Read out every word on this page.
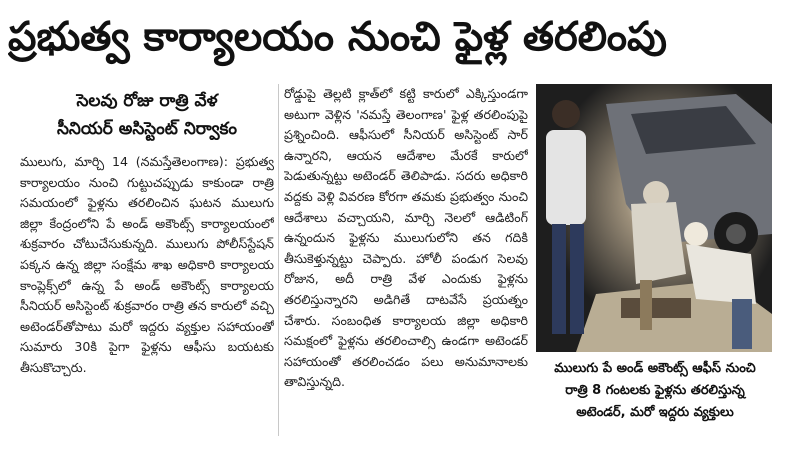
ప్రభుత్వ కార్యాలయం నుంచి ఫైళ్ల తరలింపు
సెలవు రోజు రాత్రి వేళ
సీనియర్ అసిస్టెంట్ నిర్వాకం
ములుగు, మార్చి 14 (నమస్తేతెలంగాణ): ప్రభుత్వ కార్యాలయం నుంచి గుట్టుచప్పుడు కాకుండా రాత్రి సమయంలో ఫైళ్లను తరలించిన ఘటన ములుగు జిల్లా కేంద్రంలోని పే అండ్ అకౌంట్స్ కార్యాలయంలో శుక్రవారం చోటుచేసుకున్నది. ములుగు పోలీస్‌స్టేషన్ పక్కన ఉన్న జిల్లా సంక్షేమ శాఖ అధికారి కార్యాలయ కాంప్లెక్స్‌లో ఉన్న పే అండ్ అకౌంట్స్ కార్యాలయ సీనియర్ అసిస్టెంట్ శుక్రవారం రాత్రి తన కారులో వచ్చి అటెండర్‌తోపాటు మరో ఇద్దరు వ్యక్తుల సహాయంతో సుమారు 30కి పైగా ఫైళ్లను ఆఫీసు బయటకు తీసుకొచ్చారు.
రోడ్డుపై తెల్లటి క్లాత్‌లో కట్టి కారులో ఎక్కిస్తుండగా అటుగా వెళ్లిన 'నమస్తే తెలంగాణ' ఫైళ్ల తరలింపుపై ప్రశ్నించింది. ఆఫీసులో సీనియర్ అసిస్టెంట్ సార్ ఉన్నారని, ఆయన ఆదేశాల మేరకే కారులో పెడుతున్నట్టు అటెండర్ తెలిపాడు. సదరు అధికారి వద్దకు వెళ్లి వివరణ కోరగా తమకు ప్రభుత్వం నుంచి ఆదేశాలు వచ్చాయని, మార్చి నెలలో ఆడిటింగ్ ఉన్నందున ఫైళ్లను ములుగులోని తన గదికి తీసుకెళ్తున్నట్టు చెప్పారు. హోలీ పండుగ సెలవు రోజున, అదీ రాత్రి వేళ ఎందుకు ఫైళ్లను తరలిస్తున్నారని అడిగితే దాటవేసే ప్రయత్నం చేశారు. సంబంధిత కార్యాలయ జిల్లా అధికారి సమక్షంలో ఫైళ్లను తరలించాల్సి ఉండగా అటెండర్ సహాయంతో తరలించడం పలు అనుమానాలకు తావిస్తున్నది.
ములుగు పే అండ్ అకౌంట్స్ ఆఫీస్ నుంచి
రాత్రి 8 గంటలకు ఫైళ్లను తరలిస్తున్న
అటెండర్, మరో ఇద్దరు వ్యక్తులు
